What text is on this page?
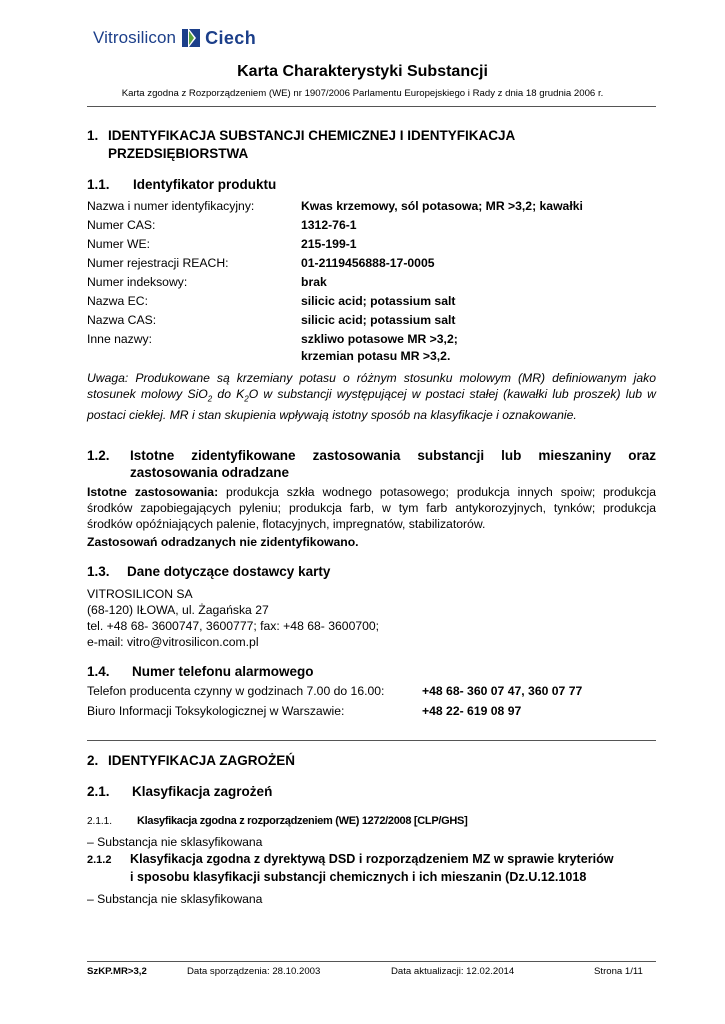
Vitrosilicon Ciech
Karta Charakterystyki Substancji
Karta zgodna z Rozporządzeniem (WE) nr 1907/2006 Parlamentu Europejskiego i Rady z dnia 18 grudnia 2006 r.
1. IDENTYFIKACJA SUBSTANCJI CHEMICZNEJ I IDENTYFIKACJA
PRZEDSIĘBIORSTWA
1.1. Identyfikator produktu
Nazwa i numer identyfikacyjny:	Kwas krzemowy, sól potasowa; MR >3,2; kawałki
Numer CAS:	1312-76-1
Numer WE:	215-199-1
Numer rejestracji REACH:	01-2119456888-17-0005
Numer indeksowy:	brak
Nazwa EC:	silicic acid; potassium salt
Nazwa CAS:	silicic acid; potassium salt
Inne nazwy:	szkliwo potasowe MR >3,2;
krzemian potasu MR >3,2.
Uwaga: Produkowane są krzemiany potasu o różnym stosunku molowym (MR) definiowanym jako stosunek molowy SiO$_2$ do $K_2O$ w substancji występującej w postaci stałej (kawałki lub proszek) lub w postaci ciekłej. MR i stan skupienia wpływają istotny sposób na klasyfikacje i oznakowanie.
1.2.	Istotne zidentyfikowane zastosowania substancji lub mieszaniny oraz
zastosowania odradzane
Istotne zastosowania: produkcja szkła wodnego potasowego; produkcja innych spoiw; produkcja środków zapobiegających pyleniu; produkcja farb, w tym farb antykorozyjnych, tynków; produkcja środków opóźniających palenie, flotacyjnych, impregnatów, stabilizatorów.
Zastosowań odradzanych nie zidentyfikowano.
1.3. Dane dotyczące dostawcy karty
VITROSILICON SA
(68-120) IŁOWA, ul. Żagańska 27
tel. +48 68- 3600747, 3600777; fax: +48 68- 3600700;
e-mail: vitro@vitrosilicon.com.pl
1.4. Numer telefonu alarmowego
Telefon producenta czynny w godzinach 7.00 do 16.00:	+48 68- 360 07 47, 360 07 77
Biuro Informacji Toksykologicznej w Warszawie:	+48 22- 619 08 97
2. IDENTYFIKACJA ZAGROŻEŃ
2.1. Klasyfikacja zagrożeń
2.1.1. Klasyfikacja zgodna z rozporządzeniem (WE) 1272/2008 [CLP/GHS]
– Substancja nie sklasyfikowana
2.1.2 Klasyfikacja zgodna z dyrektywą DSD i rozporządzeniem MZ w sprawie kryteriów
i sposobu klasyfikacji substancji chemicznych i ich mieszanin (Dz.U.12.1018
– Substancja nie sklasyfikowana
SzKP.MR>3,2	Data sporządzenia: 28.10.2003	Data aktualizacji: 12.02.2014	Strona 1/11
